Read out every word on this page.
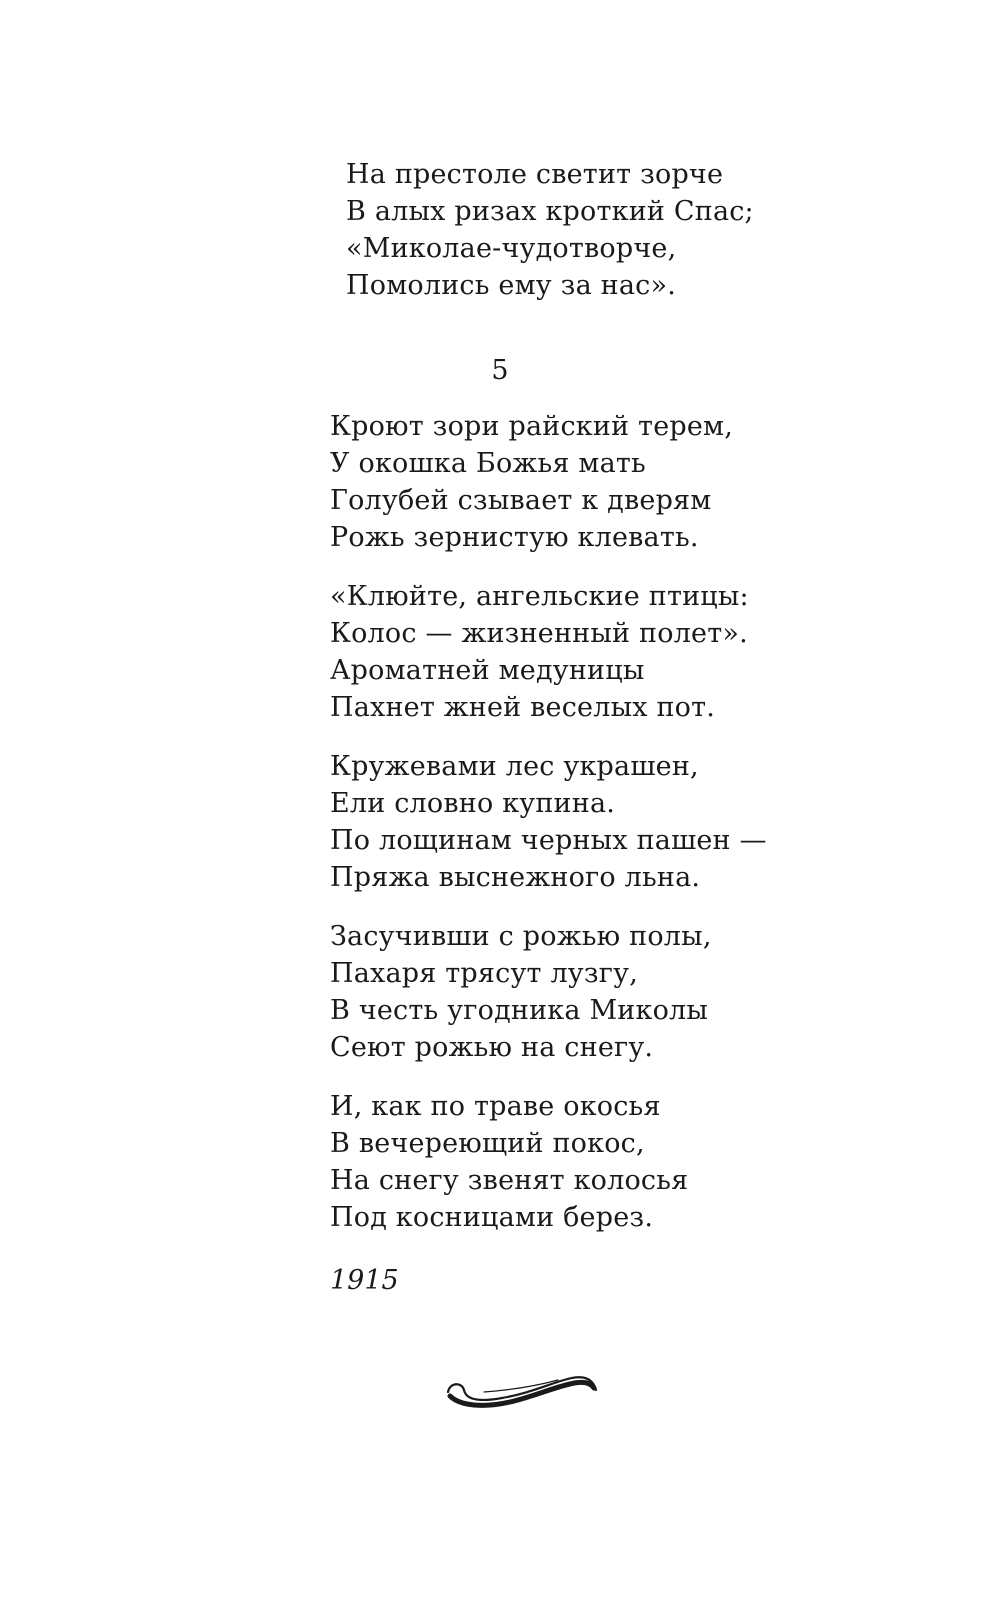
На престоле светит зорче
В алых ризах кроткий Спас;
«Миколае-чудотворче,
Помолись ему за нас».

5

Кроют зори райский терем,
У окошка Божья мать
Голубей сзывает к дверям
Рожь зернистую клевать.
«Клюйте, ангельские птицы:
Колос — жизненный полет».
Ароматней медуницы
Пахнет жней веселых пот.
Кружевами лес украшен,
Ели словно купина.
По лощинам черных пашен —
Пряжа выснежного льна.
Засучивши с рожью полы,
Пахаря трясут лузгу,
В честь угодника Миколы
Сеют рожью на снегу.
И, как по траве окосья
В вечереющий покос,
На снегу звенят колосья
Под косницами берез.

1915
